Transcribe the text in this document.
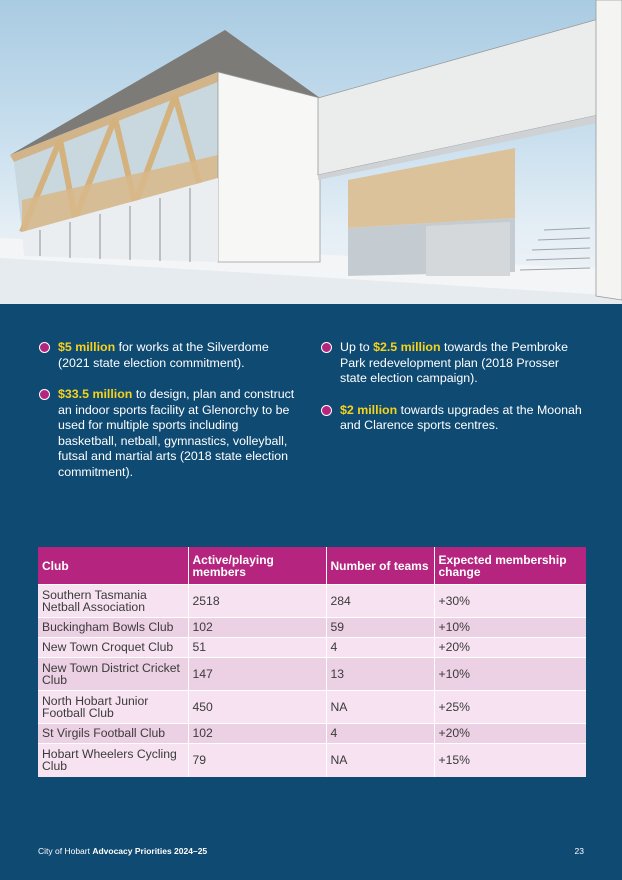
$5 million for works at the Silverdome (2021 state election commitment).
$33.5 million to design, plan and construct an indoor sports facility at Glenorchy to be used for multiple sports including basketball, netball, gymnastics, volleyball, futsal and martial arts (2018 state election commitment).
Up to $2.5 million towards the Pembroke Park redevelopment plan (2018 Prosser state election campaign).
$2 million towards upgrades at the Moonah and Clarence sports centres.
Club	Active/playing members	Number of teams	Expected membership change
Southern Tasmania Netball Association	2518	284	+30%
Buckingham Bowls Club	102	59	+10%
New Town Croquet Club	51	4	+20%
New Town District Cricket Club	147	13	+10%
North Hobart Junior Football Club	450	NA	+25%
St Virgils Football Club	102	4	+20%
Hobart Wheelers Cycling Club	79	NA	+15%
City of Hobart Advocacy Priorities 2024–25	23
